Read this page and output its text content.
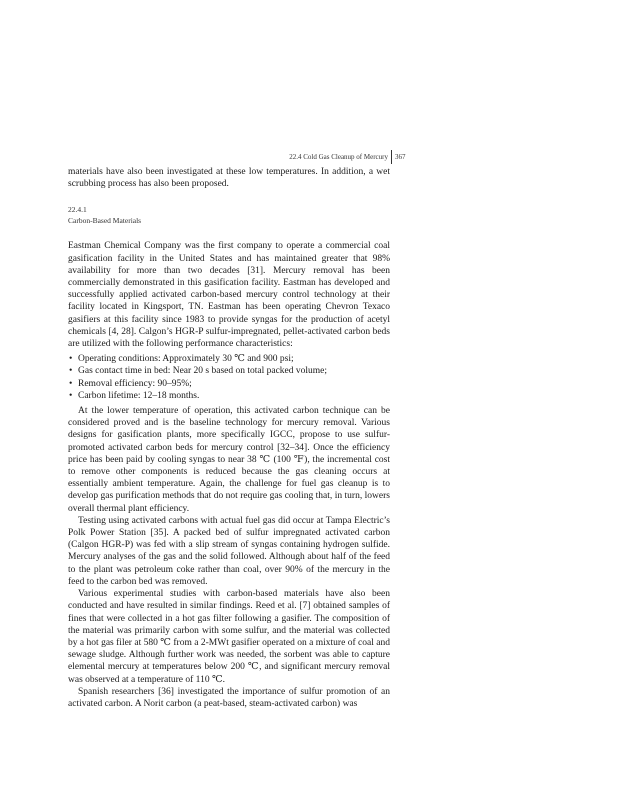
22.4 Cold Gas Cleanup of Mercury 367

materials have also been investigated at these low temperatures. In addition, a wet scrubbing process has also been proposed.

22.4.1
Carbon-Based Materials

Eastman Chemical Company was the first company to operate a commercial coal gasification facility in the United States and has maintained greater that 98% availability for more than two decades [31]. Mercury removal has been commercially demonstrated in this gasification facility. Eastman has developed and successfully applied activated carbon-based mercury control technology at their facility located in Kingsport, TN. Eastman has been operating Chevron Texaco gasifiers at this facility since 1983 to provide syngas for the production of acetyl chemicals [4, 28]. Calgon’s HGR-P sulfur-impregnated, pellet-activated carbon beds are utilized with the following performance characteristics:

• Operating conditions: Approximately 30 ℃ and 900 psi;
• Gas contact time in bed: Near 20 s based on total packed volume;
• Removal efficiency: 90–95%;
• Carbon lifetime: 12–18 months.

At the lower temperature of operation, this activated carbon technique can be considered proved and is the baseline technology for mercury removal. Various designs for gasification plants, more specifically IGCC, propose to use sulfur-promoted activated carbon beds for mercury control [32–34]. Once the efficiency price has been paid by cooling syngas to near 38 ℃ (100 ℉), the incremental cost to remove other components is reduced because the gas cleaning occurs at essentially ambient temperature. Again, the challenge for fuel gas cleanup is to develop gas purification methods that do not require gas cooling that, in turn, lowers overall thermal plant efficiency.

Testing using activated carbons with actual fuel gas did occur at Tampa Electric’s Polk Power Station [35]. A packed bed of sulfur impregnated activated carbon (Calgon HGR-P) was fed with a slip stream of syngas containing hydrogen sulfide. Mercury analyses of the gas and the solid followed. Although about half of the feed to the plant was petroleum coke rather than coal, over 90% of the mercury in the feed to the carbon bed was removed.

Various experimental studies with carbon-based materials have also been conducted and have resulted in similar findings. Reed et al. [7] obtained samples of fines that were collected in a hot gas filter following a gasifier. The composition of the material was primarily carbon with some sulfur, and the material was collected by a hot gas filer at 580 ℃ from a 2-MWt gasifier operated on a mixture of coal and sewage sludge. Although further work was needed, the sorbent was able to capture elemental mercury at temperatures below 200 ℃, and significant mercury removal was observed at a temperature of 110 ℃.

Spanish researchers [36] investigated the importance of sulfur promotion of an activated carbon. A Norit carbon (a peat-based, steam-activated carbon) was
